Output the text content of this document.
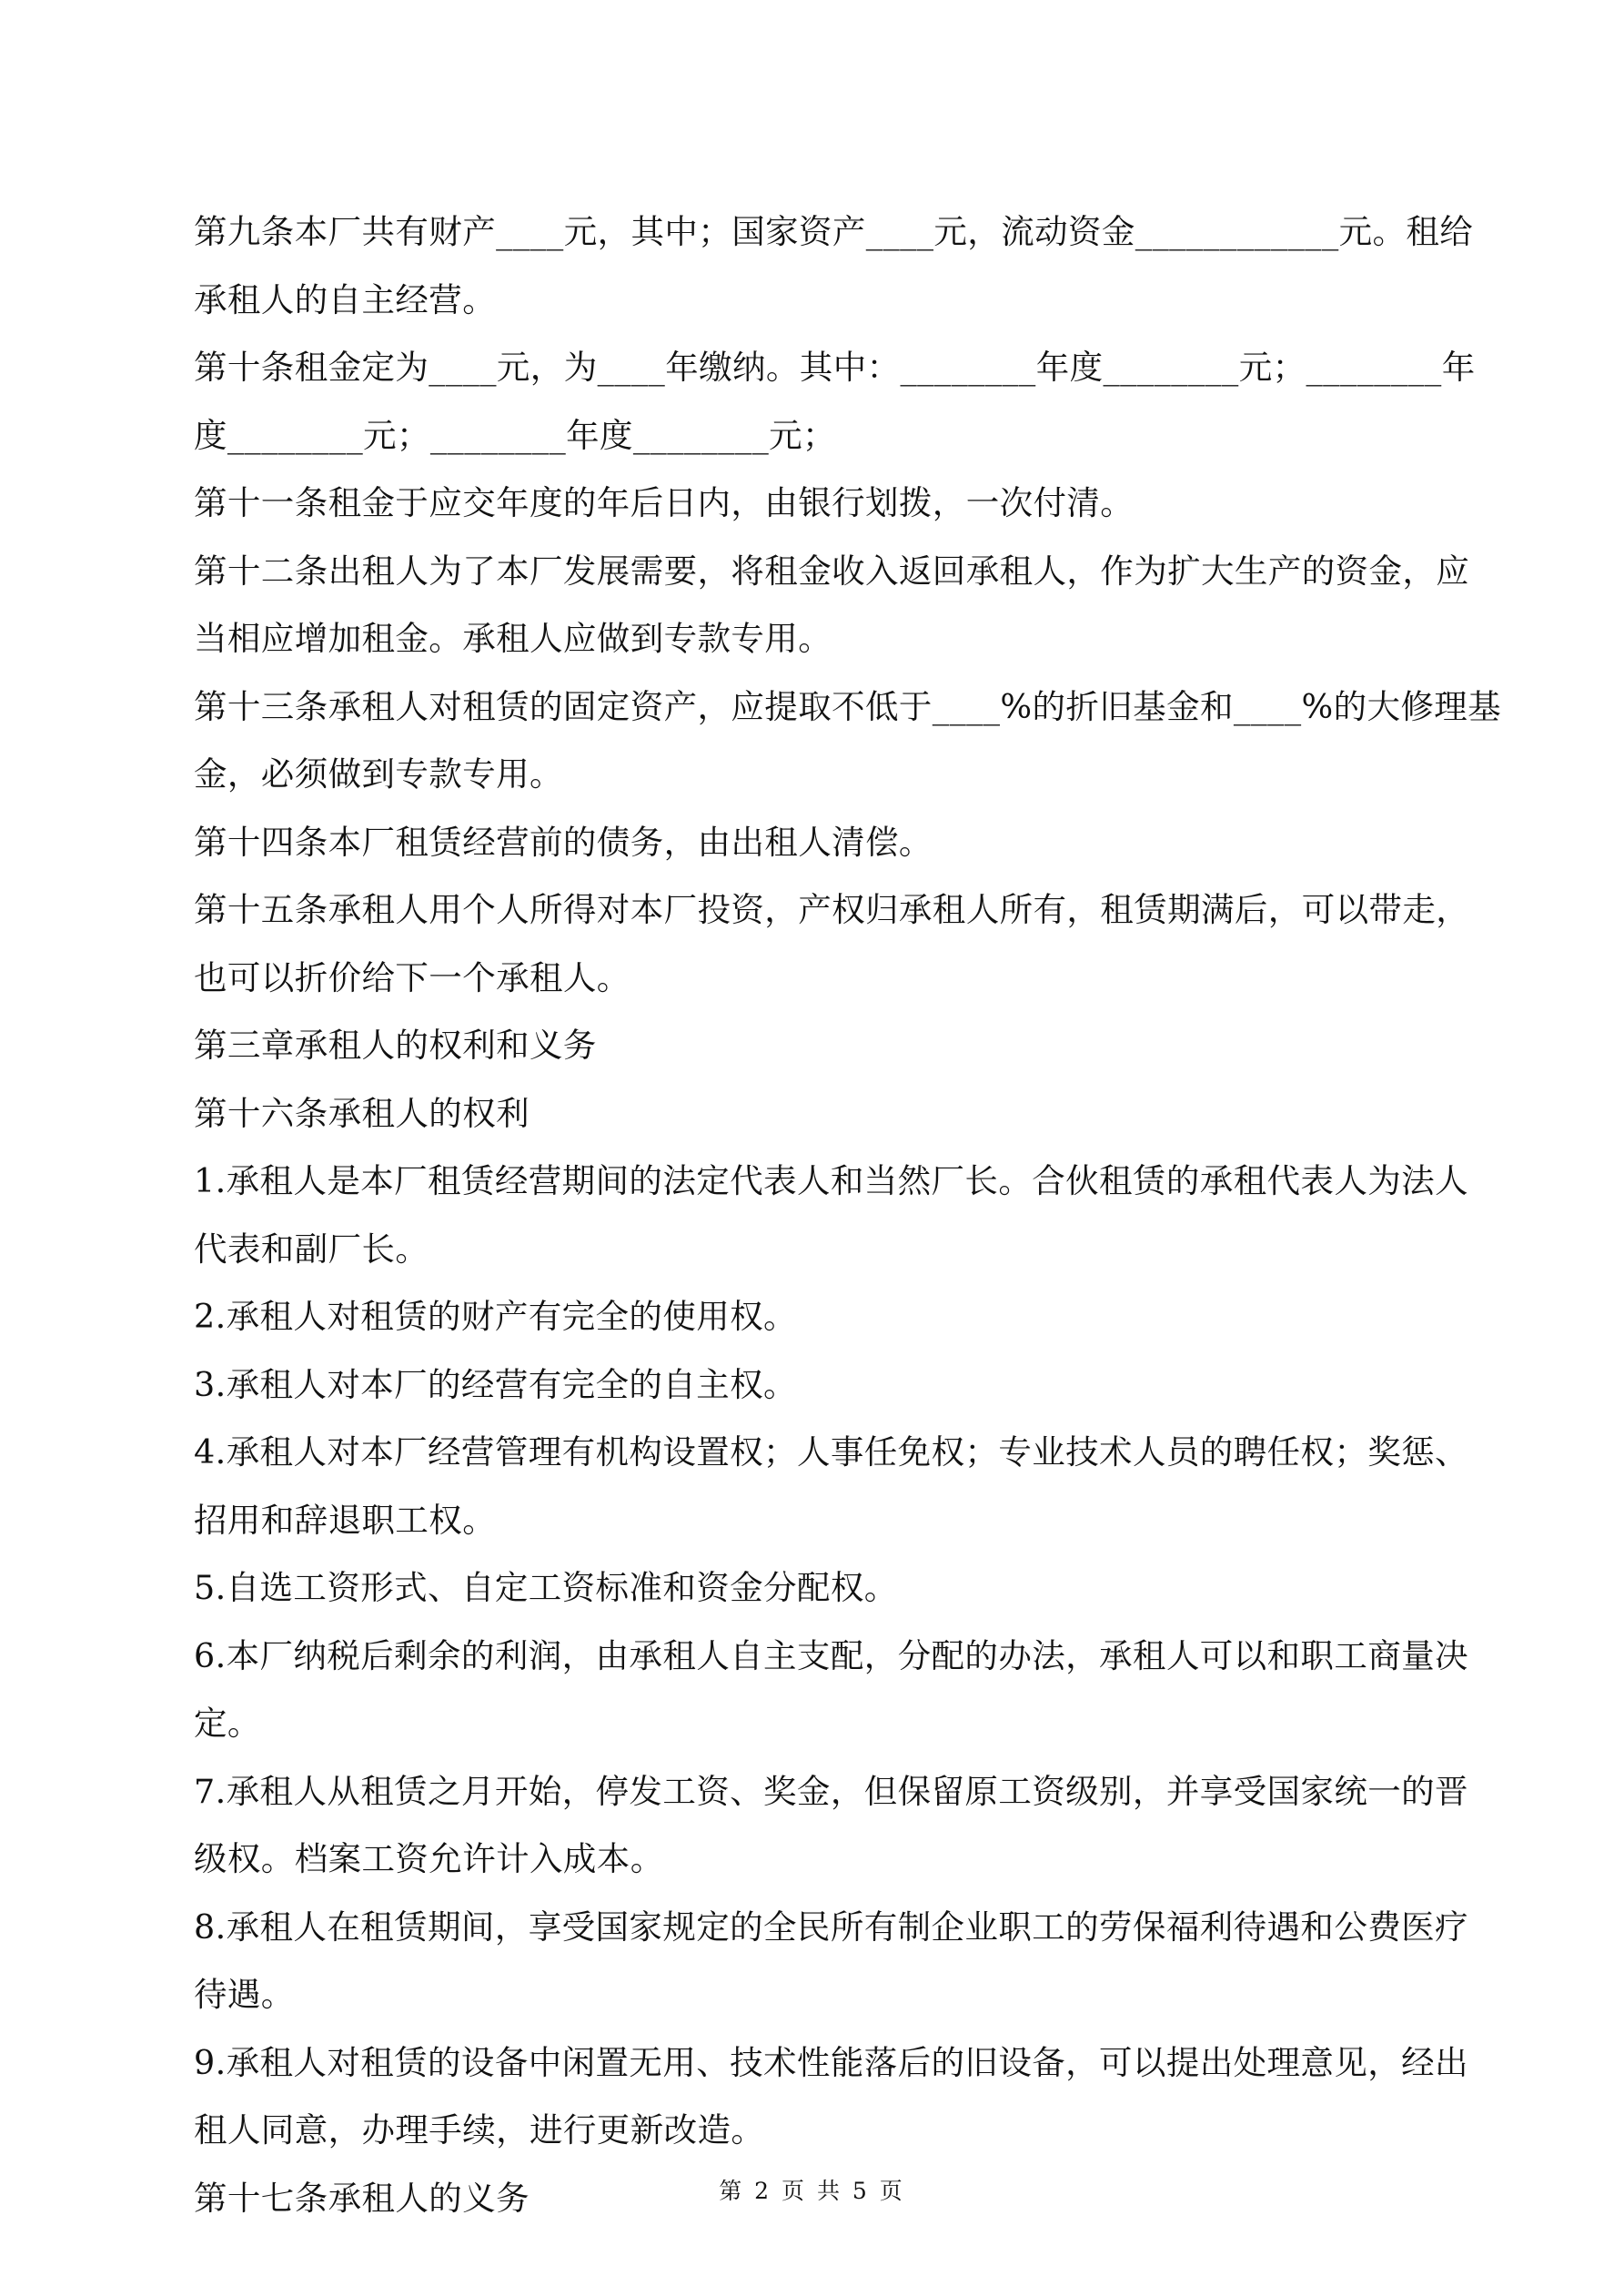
第九条本厂共有财产____元，其中；国家资产____元，流动资金____________元。租给
承租人的自主经营。
第十条租金定为____元，为____年缴纳。其中：________年度________元；________年
度________元；________年度________元；
第十一条租金于应交年度的年后日内，由银行划拨，一次付清。
第十二条出租人为了本厂发展需要，将租金收入返回承租人，作为扩大生产的资金，应
当相应增加租金。承租人应做到专款专用。
第十三条承租人对租赁的固定资产，应提取不低于____%的折旧基金和____%的大修理基
金，必须做到专款专用。
第十四条本厂租赁经营前的债务，由出租人清偿。
第十五条承租人用个人所得对本厂投资，产权归承租人所有，租赁期满后，可以带走，
也可以折价给下一个承租人。
第三章承租人的权利和义务
第十六条承租人的权利
1.承租人是本厂租赁经营期间的法定代表人和当然厂长。合伙租赁的承租代表人为法人
代表和副厂长。
2.承租人对租赁的财产有完全的使用权。
3.承租人对本厂的经营有完全的自主权。
4.承租人对本厂经营管理有机构设置权；人事任免权；专业技术人员的聘任权；奖惩、
招用和辞退职工权。
5.自选工资形式、自定工资标准和资金分配权。
6.本厂纳税后剩余的利润，由承租人自主支配，分配的办法，承租人可以和职工商量决
定。
7.承租人从租赁之月开始，停发工资、奖金，但保留原工资级别，并享受国家统一的晋
级权。档案工资允许计入成本。
8.承租人在租赁期间，享受国家规定的全民所有制企业职工的劳保福利待遇和公费医疗
待遇。
9.承租人对租赁的设备中闲置无用、技术性能落后的旧设备，可以提出处理意见，经出
租人同意，办理手续，进行更新改造。
第十七条承租人的义务	第 2 页 共 5 页
